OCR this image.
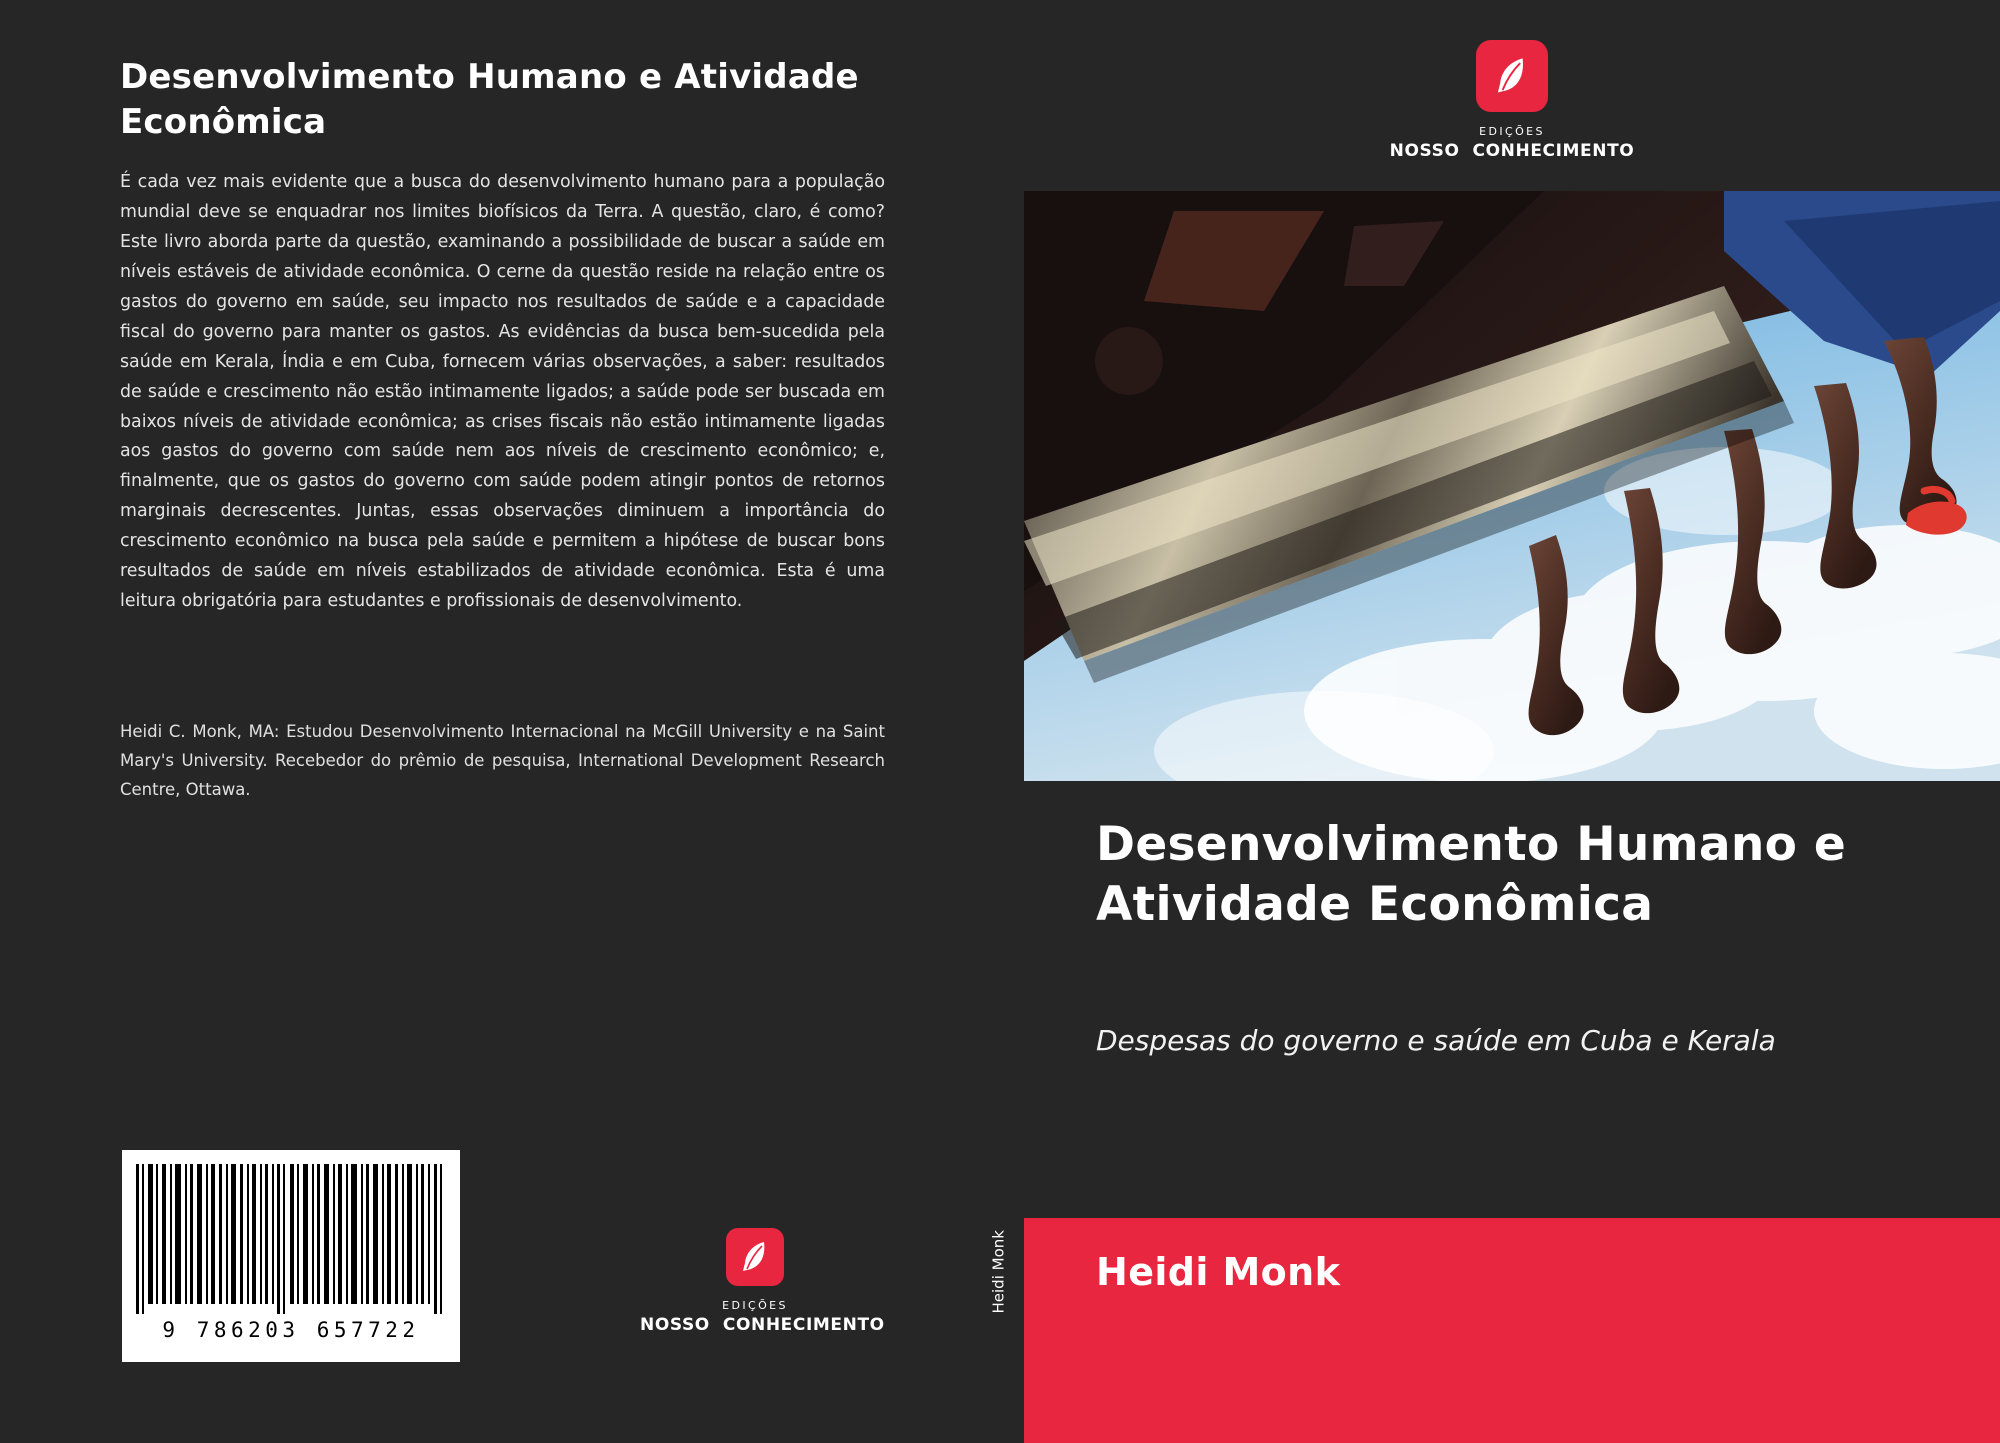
Desenvolvimento Humano e Atividade Econômica
É cada vez mais evidente que a busca do desenvolvimento humano para a população mundial deve se enquadrar nos limites biofísicos da Terra. A questão, claro, é como? Este livro aborda parte da questão, examinando a possibilidade de buscar a saúde em níveis estáveis de atividade econômica. O cerne da questão reside na relação entre os gastos do governo em saúde, seu impacto nos resultados de saúde e a capacidade fiscal do governo para manter os gastos. As evidências da busca bem-sucedida pela saúde em Kerala, Índia e em Cuba, fornecem várias observações, a saber: resultados de saúde e crescimento não estão intimamente ligados; a saúde pode ser buscada em baixos níveis de atividade econômica; as crises fiscais não estão intimamente ligadas aos gastos do governo com saúde nem aos níveis de crescimento econômico; e, finalmente, que os gastos do governo com saúde podem atingir pontos de retornos marginais decrescentes. Juntas, essas observações diminuem a importância do crescimento econômico na busca pela saúde e permitem a hipótese de buscar bons resultados de saúde em níveis estabilizados de atividade econômica. Esta é uma leitura obrigatória para estudantes e profissionais de desenvolvimento.
Heidi C. Monk, MA: Estudou Desenvolvimento Internacional na McGill University e na Saint Mary's University. Recebedor do prêmio de pesquisa, International Development Research Centre, Ottawa.
9 786203 657722
EDIÇÕES
NOSSO  CONHECIMENTO
Heidi Monk
EDIÇÕES
NOSSO  CONHECIMENTO
Desenvolvimento Humano e Atividade Econômica
Despesas do governo e saúde em Cuba e Kerala
Heidi Monk
